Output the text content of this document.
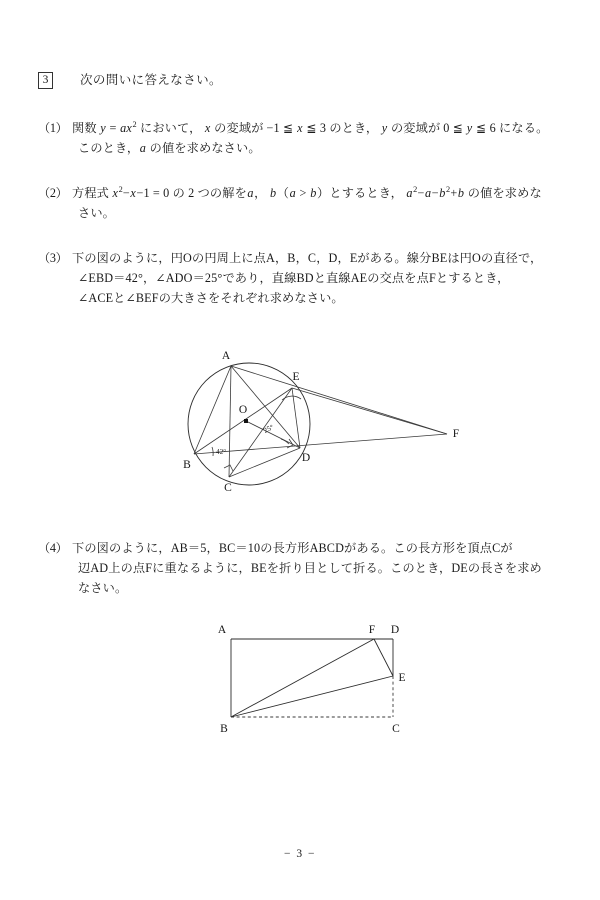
3	次の問いに答えなさい。
（1） 関数 $y = ax^2$ において， x の変域が −1 ≦ x ≦ 3 のとき， y の変域が 0 ≦ y ≦ 6 になる。
このとき，a の値を求めなさい。
（2） 方程式 $x^2-x-1 = 0$ の 2 つの解をa， b（a > b）とするとき， $a^2-a-b^2+b$ の値を求めな
さい。
（3） 下の図のように，円Oの円周上に点A，B，C，D，Eがある。線分BEは円Oの直径で，
∠EBD＝42°，∠ADO＝25°であり，直線BDと直線AEの交点を点Fとするとき，
∠ACEと∠BEFの大きさをそれぞれ求めなさい。
A
E
O
B
C
D
F
42°
25°
（4） 下の図のように，AB＝5，BC＝10の長方形ABCDがある。この長方形を頂点Cが
辺AD上の点Fに重なるように，BEを折り目として折る。このとき，DEの長さを求め
なさい。
A	F D
E
B	C
− 3 −
